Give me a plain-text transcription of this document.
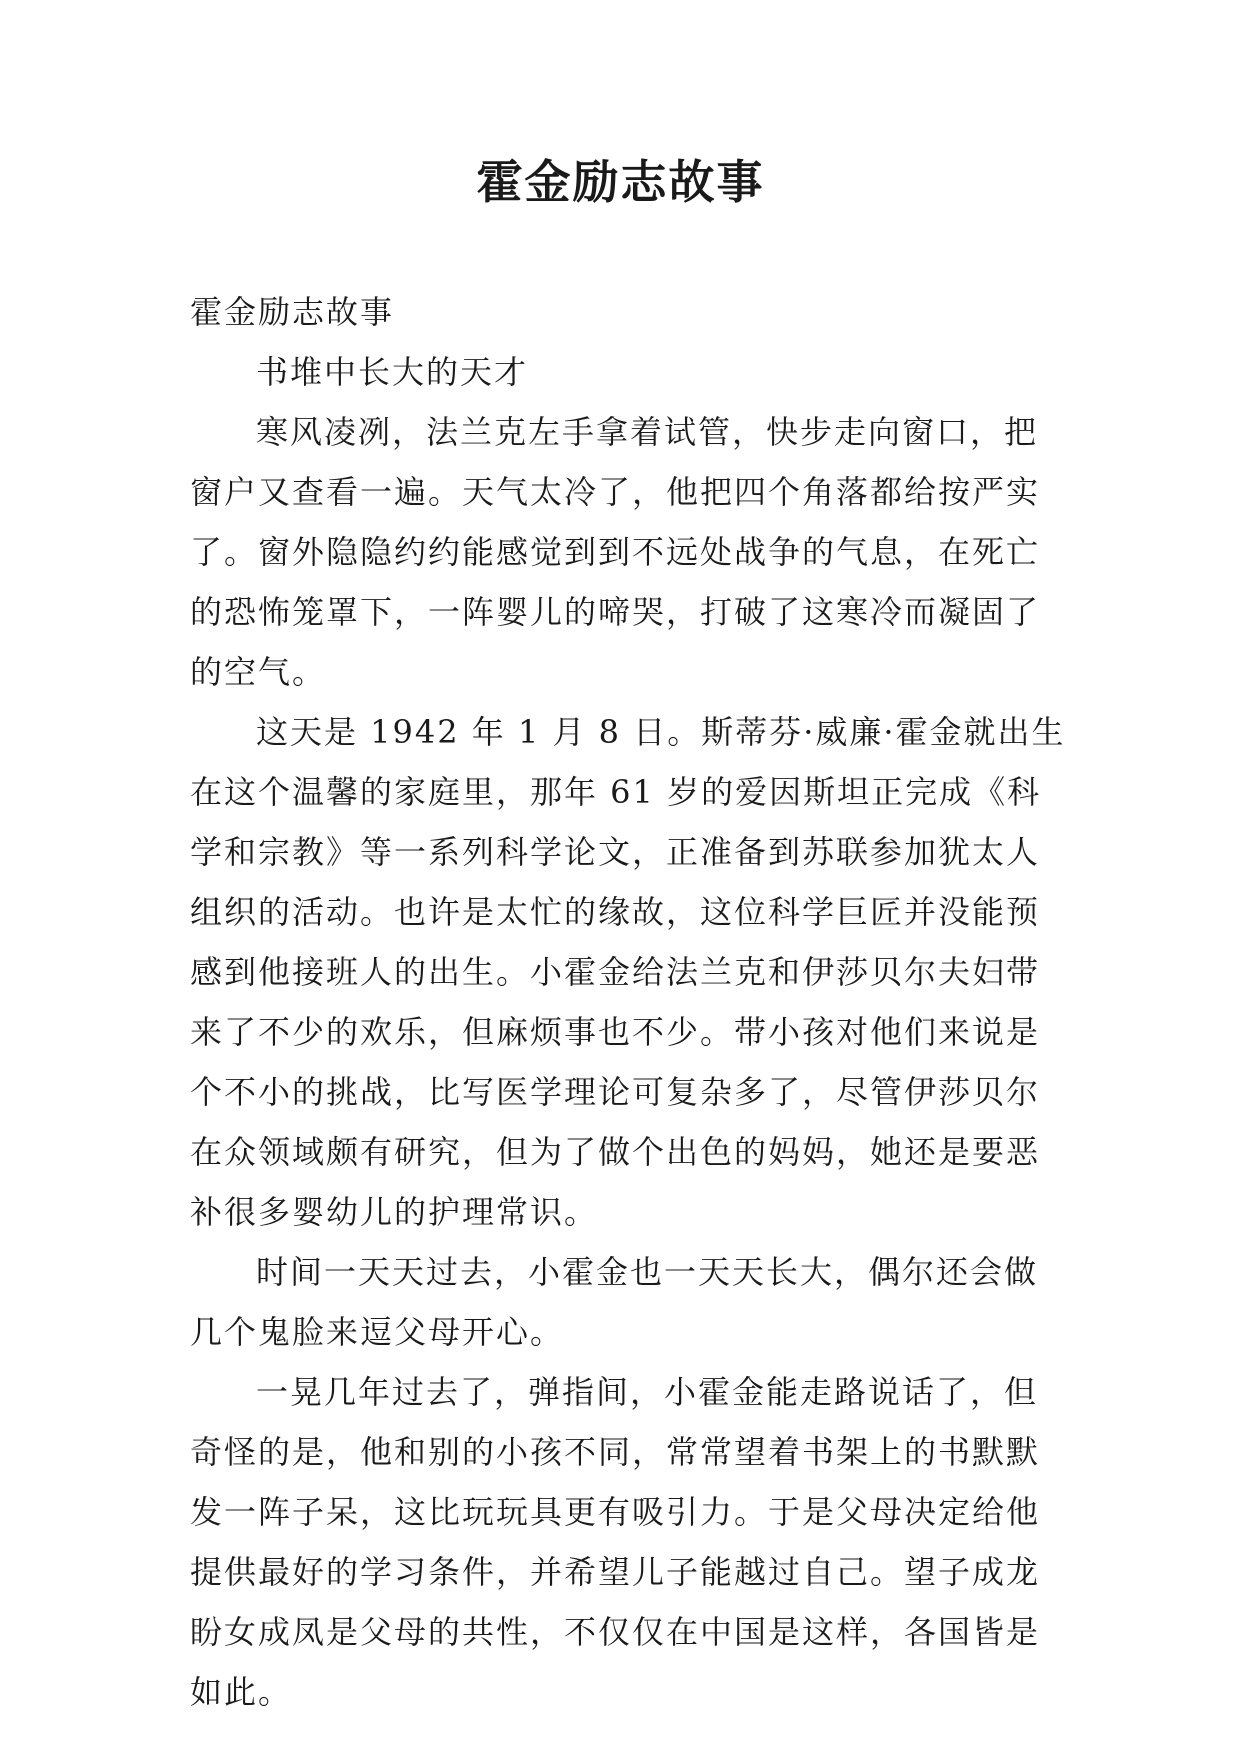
霍金励志故事

霍金励志故事

书堆中长大的天才

寒风凌冽，法兰克左手拿着试管，快步走向窗口，把窗户又查看一遍。天气太冷了，他把四个角落都给按严实了。窗外隐隐约约能感觉到到不远处战争的气息，在死亡的恐怖笼罩下，一阵婴儿的啼哭，打破了这寒冷而凝固了的空气。

这天是 1942 年 1 月 8 日。斯蒂芬·威廉·霍金就出生在这个温馨的家庭里，那年 61 岁的爱因斯坦正完成《科学和宗教》等一系列科学论文，正准备到苏联参加犹太人组织的活动。也许是太忙的缘故，这位科学巨匠并没能预感到他接班人的出生。小霍金给法兰克和伊莎贝尔夫妇带来了不少的欢乐，但麻烦事也不少。带小孩对他们来说是个不小的挑战，比写医学理论可复杂多了，尽管伊莎贝尔在众领域颇有研究，但为了做个出色的妈妈，她还是要恶补很多婴幼儿的护理常识。

时间一天天过去，小霍金也一天天长大，偶尔还会做几个鬼脸来逗父母开心。

一晃几年过去了，弹指间，小霍金能走路说话了，但奇怪的是，他和别的小孩不同，常常望着书架上的书默默发一阵子呆，这比玩玩具更有吸引力。于是父母决定给他提供最好的学习条件，并希望儿子能越过自己。望子成龙盼女成凤是父母的共性，不仅仅在中国是这样，各国皆是如此。
